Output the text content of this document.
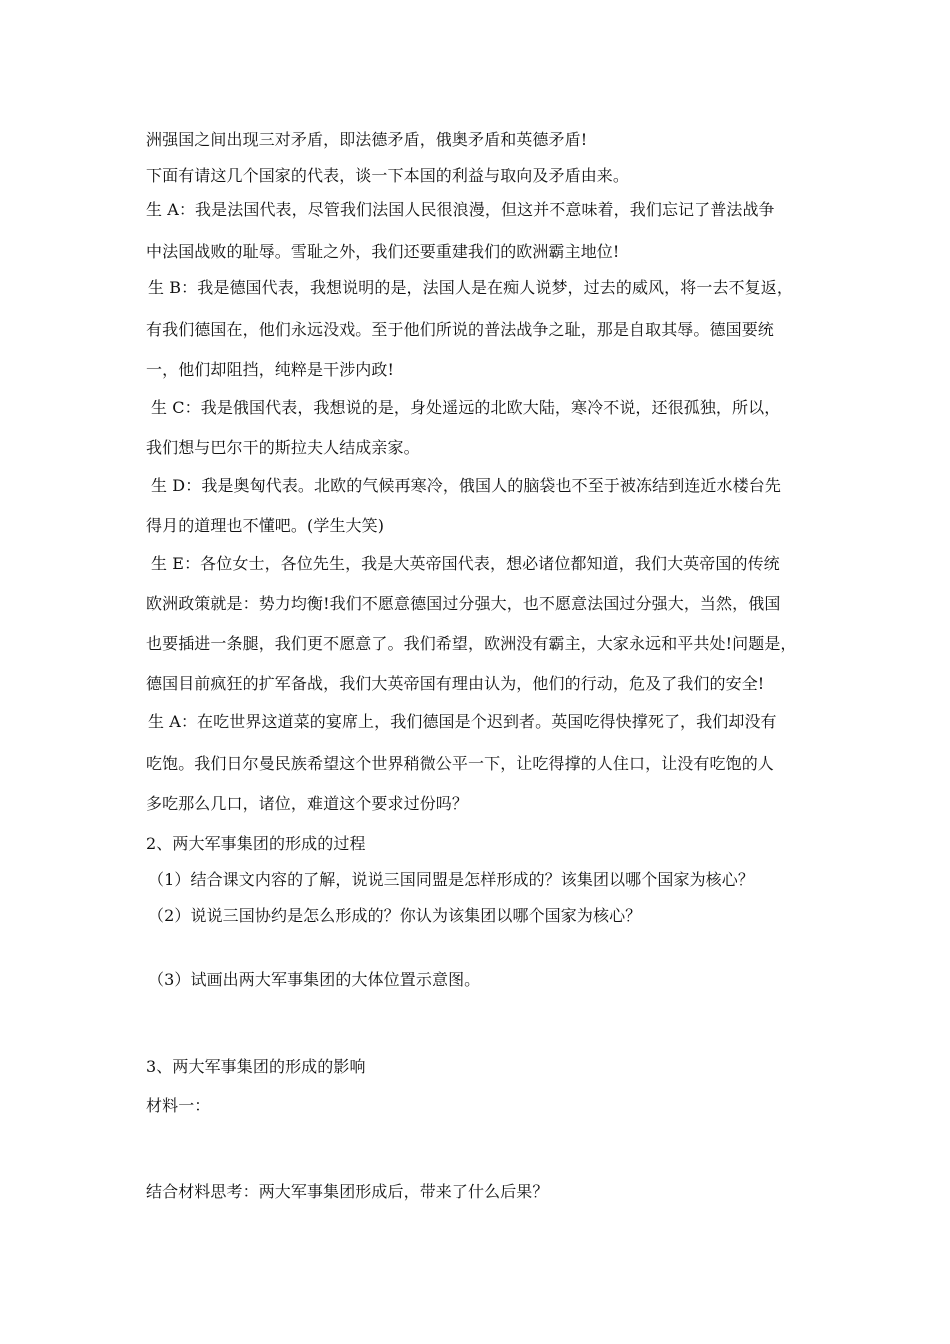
洲强国之间出现三对矛盾，即法德矛盾，俄奥矛盾和英德矛盾!
下面有请这几个国家的代表，谈一下本国的利益与取向及矛盾由来。
生 A：我是法国代表，尽管我们法国人民很浪漫，但这并不意味着，我们忘记了普法战争
中法国战败的耻辱。雪耻之外，我们还要重建我们的欧洲霸主地位!
生 B：我是德国代表，我想说明的是，法国人是在痴人说梦，过去的威风，将一去不复返，
有我们德国在，他们永远没戏。至于他们所说的普法战争之耻，那是自取其辱。德国要统
一，他们却阻挡，纯粹是干涉内政!
生 C：我是俄国代表，我想说的是，身处遥远的北欧大陆，寒冷不说，还很孤独，所以，
我们想与巴尔干的斯拉夫人结成亲家。
生 D：我是奥匈代表。北欧的气候再寒冷，俄国人的脑袋也不至于被冻结到连近水楼台先
得月的道理也不懂吧。(学生大笑)
生 E：各位女士，各位先生，我是大英帝国代表，想必诸位都知道，我们大英帝国的传统
欧洲政策就是：势力均衡!我们不愿意德国过分强大，也不愿意法国过分强大，当然，俄国
也要插进一条腿，我们更不愿意了。我们希望，欧洲没有霸主，大家永远和平共处!问题是，
德国目前疯狂的扩军备战，我们大英帝国有理由认为，他们的行动，危及了我们的安全!
生 A：在吃世界这道菜的宴席上，我们德国是个迟到者。英国吃得快撑死了，我们却没有
吃饱。我们日尔曼民族希望这个世界稍微公平一下，让吃得撑的人住口，让没有吃饱的人
多吃那么几口，诸位，难道这个要求过份吗？
2、两大军事集团的形成的过程
（1）结合课文内容的了解，说说三国同盟是怎样形成的？该集团以哪个国家为核心？
（2）说说三国协约是怎么形成的？你认为该集团以哪个国家为核心？
（3）试画出两大军事集团的大体位置示意图。
3、两大军事集团的形成的影响
材料一：
结合材料思考：两大军事集团形成后，带来了什么后果？
